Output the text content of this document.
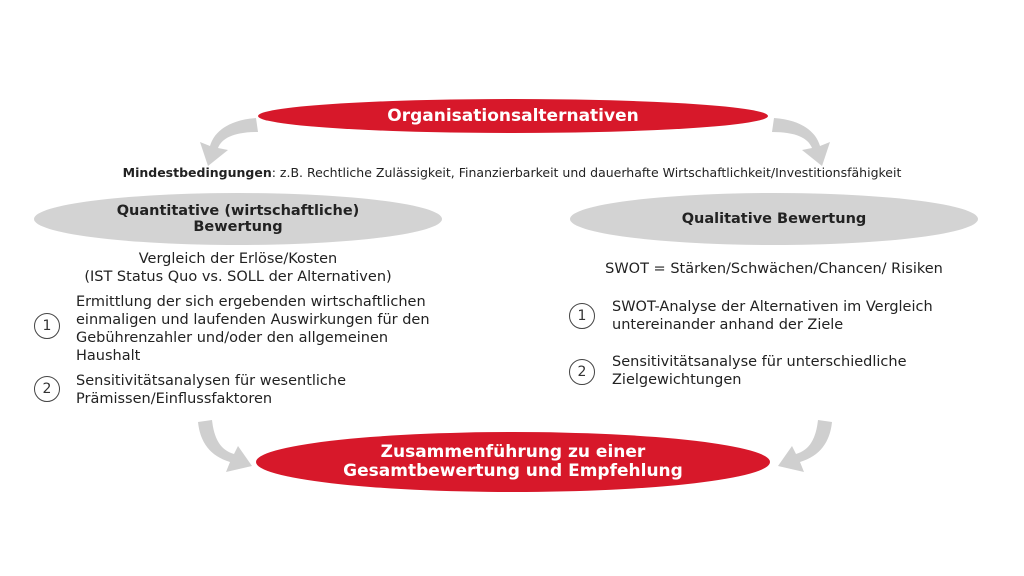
Organisationsalternativen
Mindestbedingungen: z.B. Rechtliche Zulässigkeit, Finanzierbarkeit und dauerhafte Wirtschaftlichkeit/Investitionsfähigkeit
Quantitative (wirtschaftliche)
Bewertung	Qualitative Bewertung
Vergleich der Erlöse/Kosten
(IST Status Quo vs. SOLL der Alternativen)
1
Ermittlung der sich ergebenden wirtschaftlichen
einmaligen und laufenden Auswirkungen für den
Gebührenzahler und/oder den allgemeinen
Haushalt
2	Sensitivitätsanalysen für wesentliche
Prämissen/Einflussfaktoren
SWOT = Stärken/Schwächen/Chancen/ Risiken
1
SWOT-Analyse der Alternativen im Vergleich
untereinander anhand der Ziele
2
Sensitivitätsanalyse für unterschiedliche
Zielgewichtungen
Zusammenführung zu einer
Gesamtbewertung und Empfehlung
